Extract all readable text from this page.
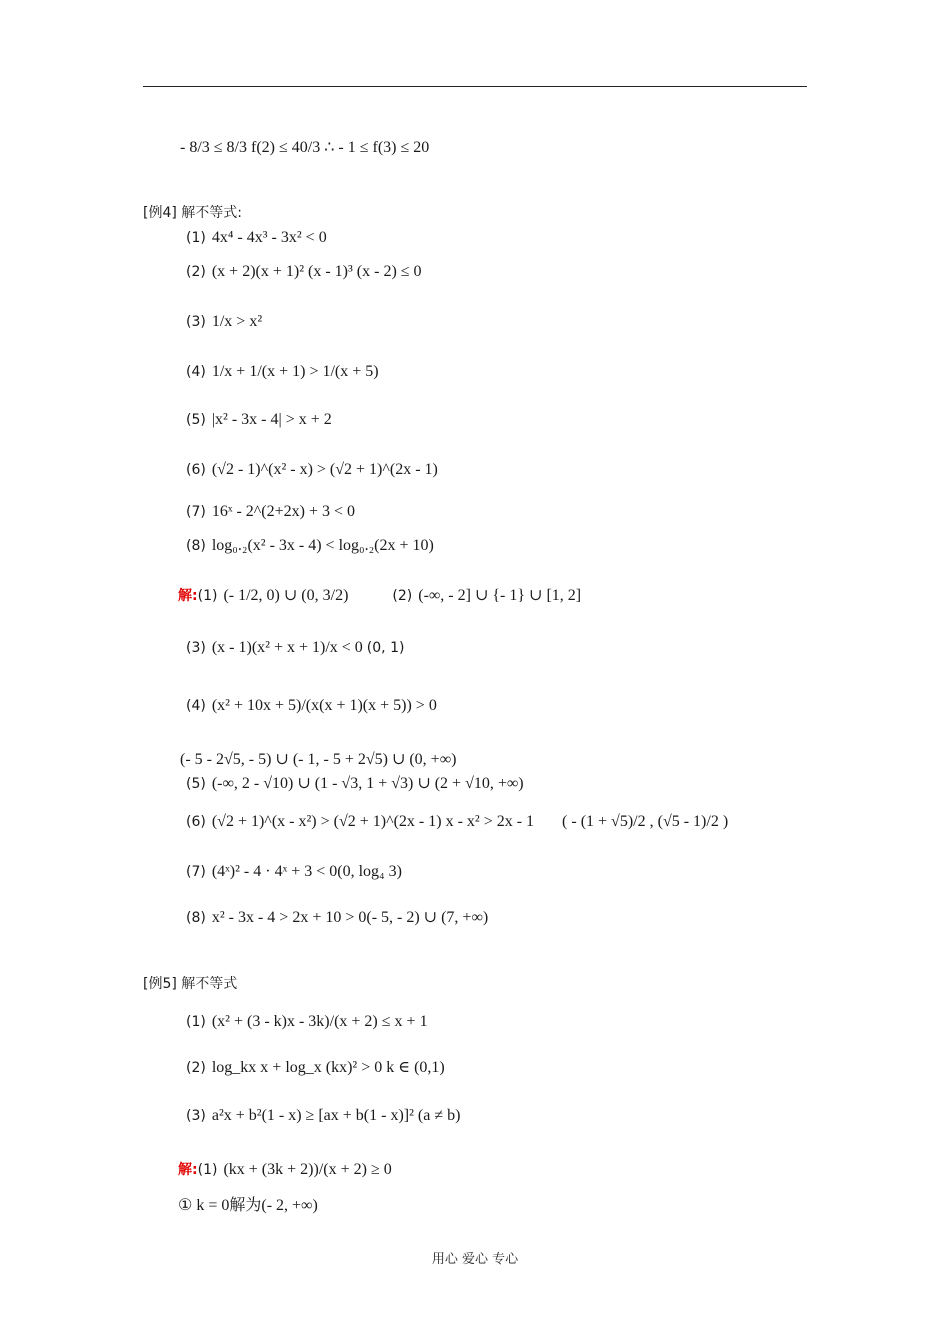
- 8/3 ≤ 8/3 f(2) ≤ 40/3 ∴ - 1 ≤ f(3) ≤ 20
[例4] 解不等式:
(1) 4x⁴ - 4x³ - 3x² < 0
(2) (x + 2)(x + 1)² (x - 1)³ (x - 2) ≤ 0
(3) 1/x > x²
(4) 1/x + 1/(x + 1) > 1/(x + 5)
(5) |x² - 3x - 4| > x + 2
(6) (√2 - 1)^(x² - x) > (√2 + 1)^(2x - 1)
(7) 16ˣ - 2^(2+2x) + 3 < 0
(8) log₀.₂(x² - 3x - 4) < log₀.₂(2x + 10)
解:(1) (- 1/2, 0) ∪ (0, 3/2)	(2) (-∞, - 2] ∪ {- 1} ∪ [1, 2]
(3) (x - 1)(x² + x + 1)/x < 0 (0, 1)
(4) (x² + 10x + 5)/(x(x + 1)(x + 5)) > 0
(- 5 - 2√5, - 5) ∪ (- 1, - 5 + 2√5) ∪ (0, +∞)
(5) (-∞, 2 - √10) ∪ (1 - √3, 1 + √3) ∪ (2 + √10, +∞)
(6) (√2 + 1)^(x - x²) > (√2 + 1)^(2x - 1) x - x² > 2x - 1 ( - (1 + √5)/2 , (√5 - 1)/2 )
(7) (4ˣ)² - 4 · 4ˣ + 3 < 0(0, log₄ 3)
(8) x² - 3x - 4 > 2x + 10 > 0(- 5, - 2) ∪ (7, +∞)
[例5] 解不等式
(1) (x² + (3 - k)x - 3k)/(x + 2) ≤ x + 1
(2) log_kx x + log_x (kx)² > 0 k ∈ (0,1)
(3) a²x + b²(1 - x) ≥ [ax + b(1 - x)]² (a ≠ b)
解:(1) (kx + (3k + 2))/(x + 2) ≥ 0
① k = 0解为(- 2, +∞)
用心 爱心 专心
